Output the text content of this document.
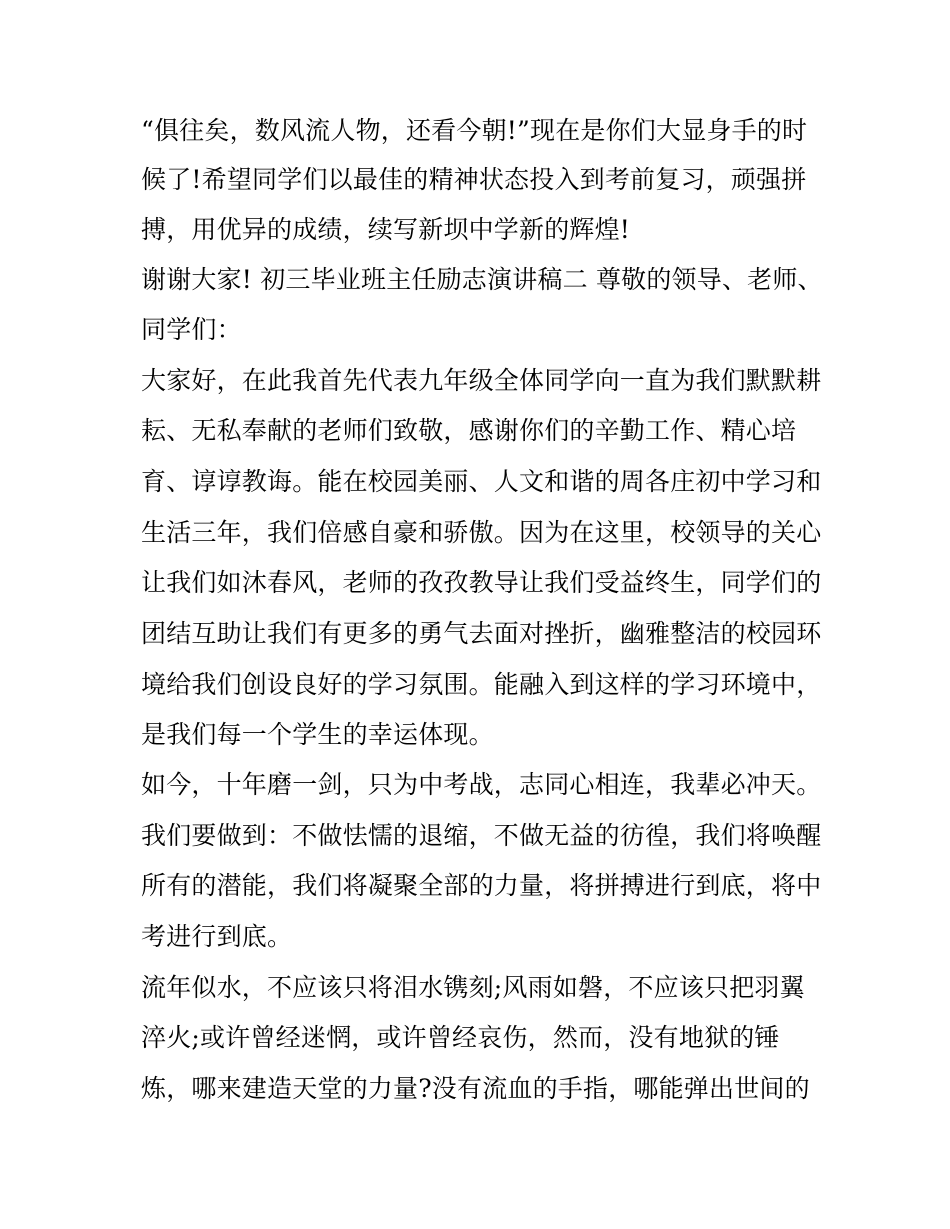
“俱往矣，数风流人物，还看今朝!”现在是你们大显身手的时
候了!希望同学们以最佳的精神状态投入到考前复习，顽强拼
搏，用优异的成绩，续写新坝中学新的辉煌!
谢谢大家! 初三毕业班主任励志演讲稿二 尊敬的领导、老师、
同学们：
大家好，在此我首先代表九年级全体同学向一直为我们默默耕
耘、无私奉献的老师们致敬，感谢你们的辛勤工作、精心培
育、谆谆教诲。能在校园美丽、人文和谐的周各庄初中学习和
生活三年，我们倍感自豪和骄傲。因为在这里，校领导的关心
让我们如沐春风，老师的孜孜教导让我们受益终生，同学们的
团结互助让我们有更多的勇气去面对挫折，幽雅整洁的校园环
境给我们创设良好的学习氛围。能融入到这样的学习环境中，
是我们每一个学生的幸运体现。
如今，十年磨一剑，只为中考战，志同心相连，我辈必冲天。
我们要做到：不做怯懦的退缩，不做无益的彷徨，我们将唤醒
所有的潜能，我们将凝聚全部的力量，将拼搏进行到底，将中
考进行到底。
流年似水，不应该只将泪水镌刻;风雨如磐，不应该只把羽翼
淬火;或许曾经迷惘，或许曾经哀伤，然而，没有地狱的锤
炼，哪来建造天堂的力量?没有流血的手指，哪能弹出世间的
